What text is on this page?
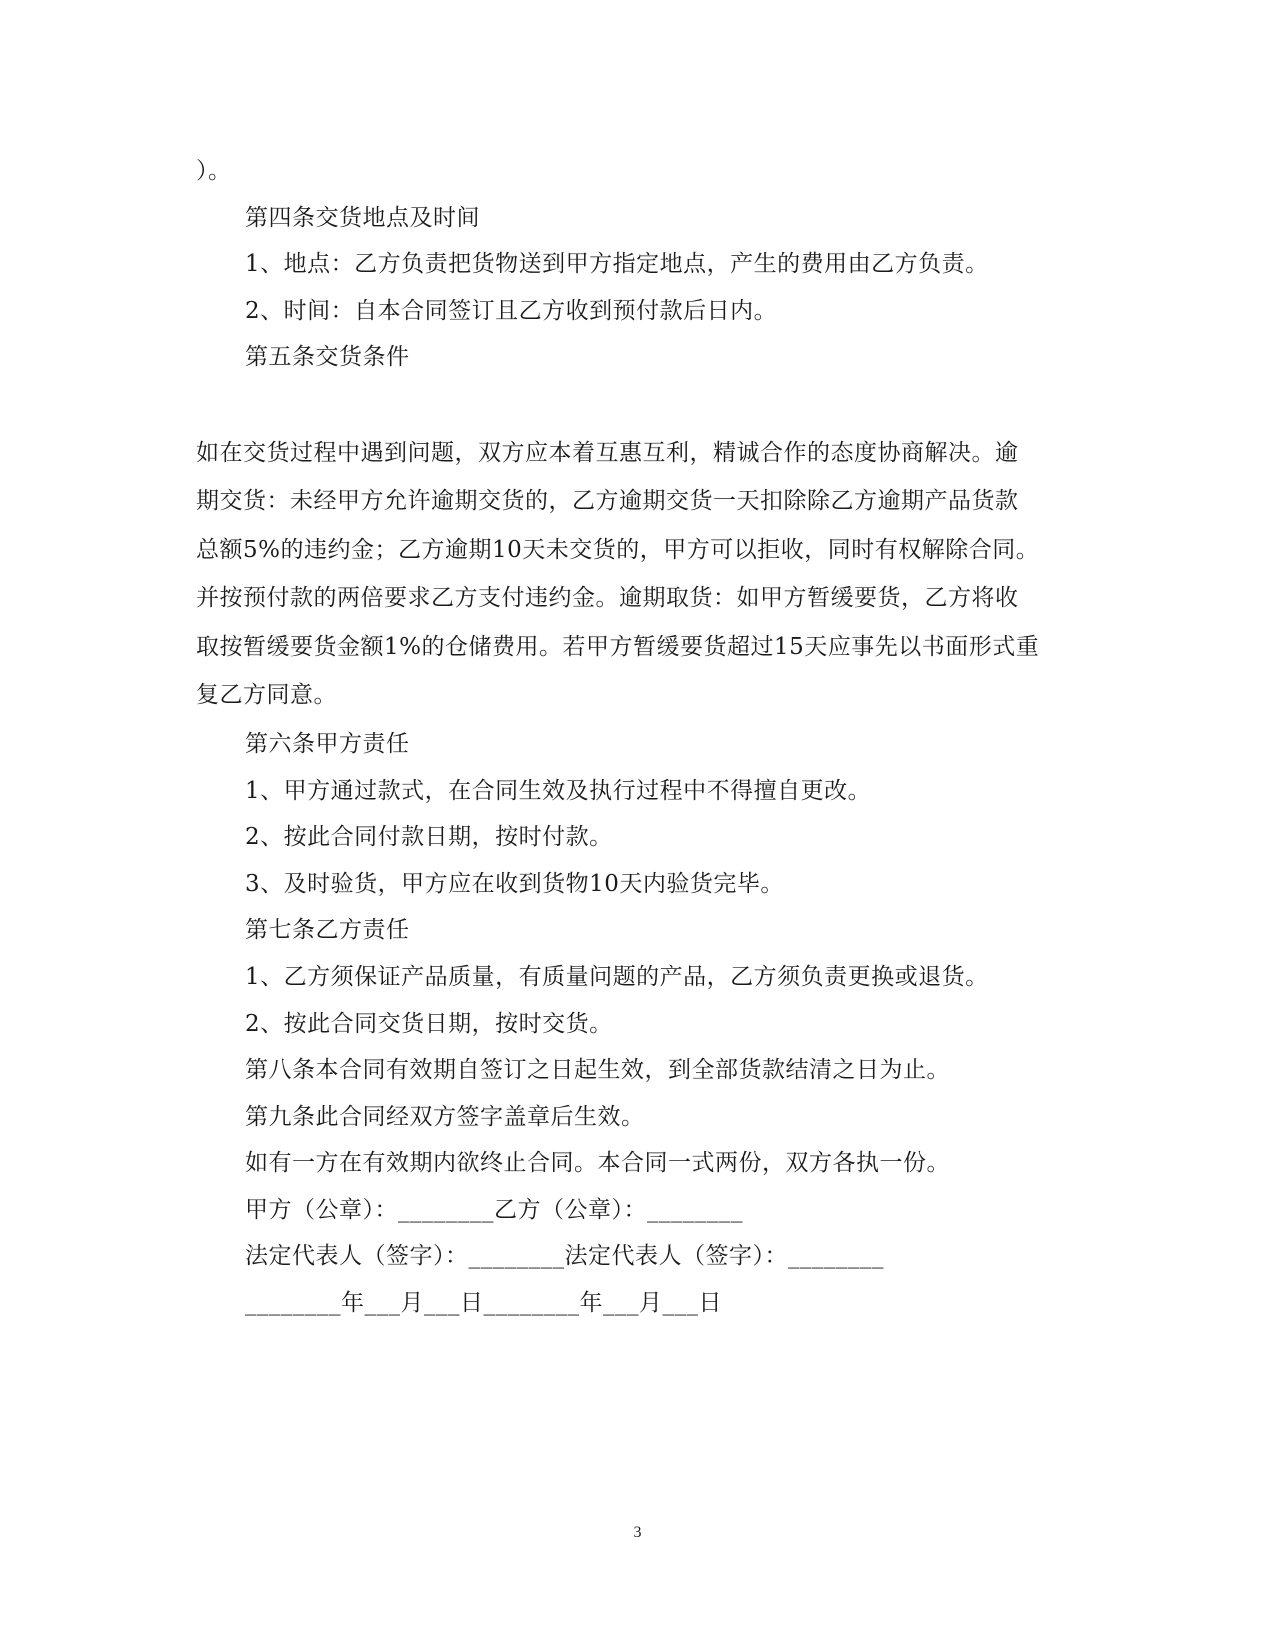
）。
第四条交货地点及时间
1、地点：乙方负责把货物送到甲方指定地点，产生的费用由乙方负责。
2、时间：自本合同签订且乙方收到预付款后日内。
第五条交货条件
如在交货过程中遇到问题，双方应本着互惠互利，精诚合作的态度协商解决。逾
期交货：未经甲方允许逾期交货的，乙方逾期交货一天扣除除乙方逾期产品货款
总额5%的违约金；乙方逾期10天未交货的，甲方可以拒收，同时有权解除合同。
并按预付款的两倍要求乙方支付违约金。逾期取货：如甲方暂缓要货，乙方将收
取按暂缓要货金额1%的仓储费用。若甲方暂缓要货超过15天应事先以书面形式重
复乙方同意。
第六条甲方责任
1、甲方通过款式，在合同生效及执行过程中不得擅自更改。
2、按此合同付款日期，按时付款。
3、及时验货，甲方应在收到货物10天内验货完毕。
第七条乙方责任
1、乙方须保证产品质量，有质量问题的产品，乙方须负责更换或退货。
2、按此合同交货日期，按时交货。
第八条本合同有效期自签订之日起生效，到全部货款结清之日为止。
第九条此合同经双方签字盖章后生效。
如有一方在有效期内欲终止合同。本合同一式两份，双方各执一份。
甲方（公章）：________乙方（公章）：________
法定代表人（签字）：________法定代表人（签字）：________
________年___月___日________年___月___日
3
